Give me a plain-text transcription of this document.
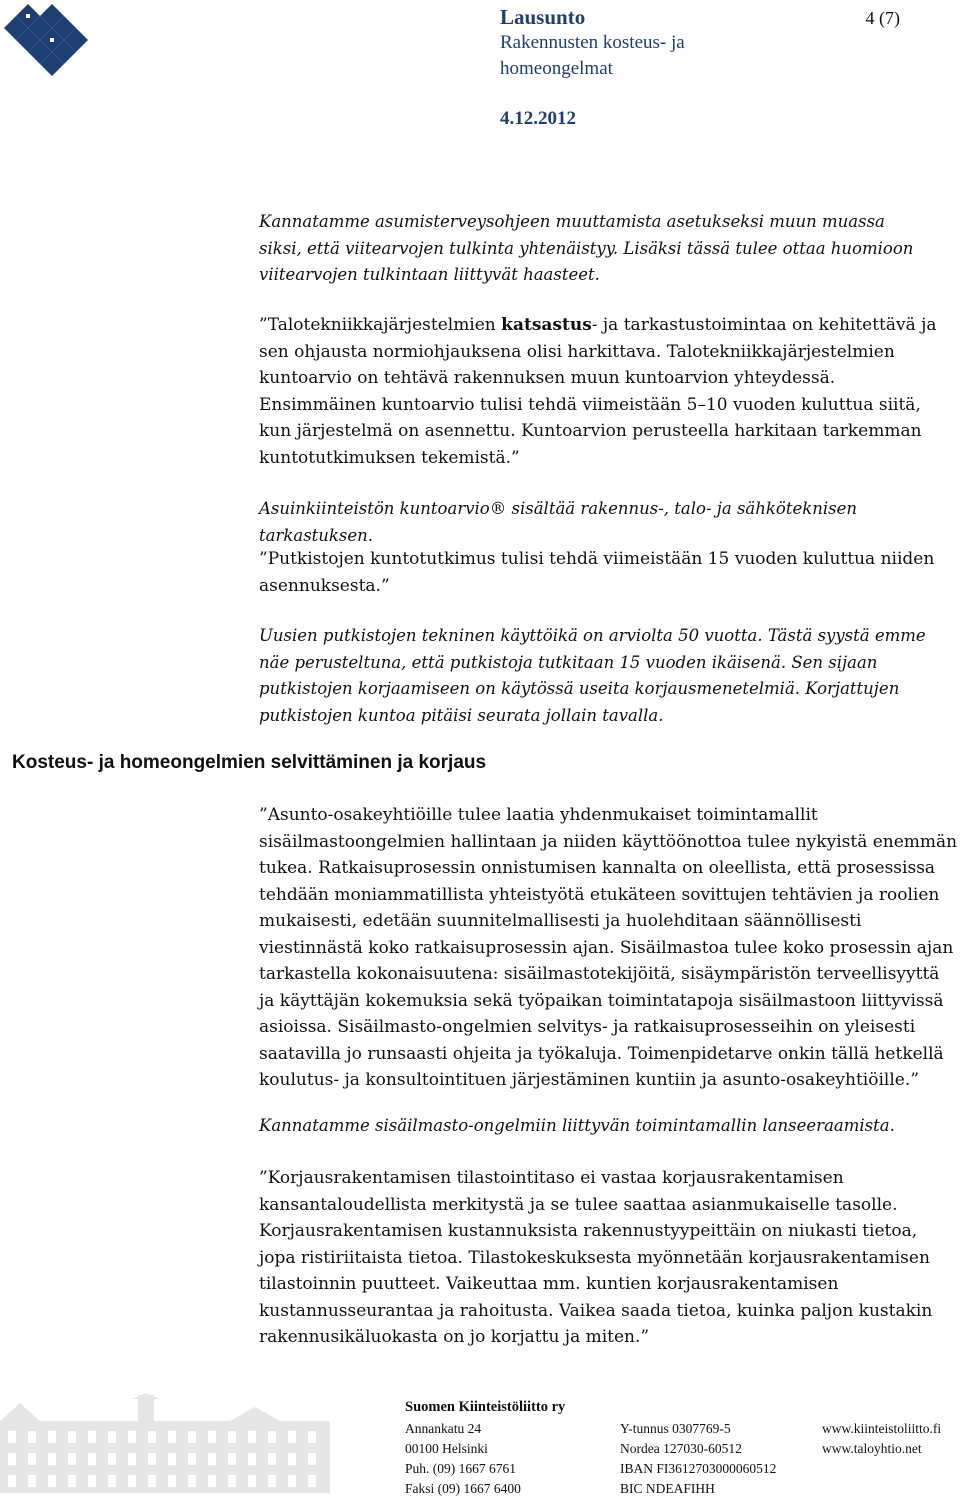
Lausunto
Rakennusten kosteus- ja
homeongelmat
4.12.2012
4 (7)

Kannatamme asumisterveysohjeen muuttamista asetukseksi muun muassa siksi, että viitearvojen tulkinta yhtenäistyy. Lisäksi tässä tulee ottaa huomioon viitearvojen tulkintaan liittyvät haasteet.

”Talotekniikkajärjestelmien katsastus- ja tarkastustoimintaa on kehitettävä ja sen ohjausta normiohjauksena olisi harkittava. Talotekniikkajärjestelmien kuntoarvio on tehtävä rakennuksen muun kuntoarvion yhteydessä. Ensimmäinen kuntoarvio tulisi tehdä viimeistään 5–10 vuoden kuluttua siitä, kun järjestelmä on asennettu. Kuntoarvion perusteella harkitaan tarkemman kuntotutkimuksen tekemistä.”

Asuinkiinteistön kuntoarvio® sisältää rakennus-, talo- ja sähköteknisen tarkastuksen.

”Putkistojen kuntotutkimus tulisi tehdä viimeistään 15 vuoden kuluttua niiden asennuksesta.”

Uusien putkistojen tekninen käyttöikä on arviolta 50 vuotta. Tästä syystä emme näe perusteltuna, että putkistoja tutkitaan 15 vuoden ikäisenä. Sen sijaan putkistojen korjaamiseen on käytössä useita korjausmenetelmiä. Korjattujen putkistojen kuntoa pitäisi seurata jollain tavalla.

Kosteus- ja homeongelmien selvittäminen ja korjaus

”Asunto-osakeyhtiöille tulee laatia yhdenmukaiset toimintamallit sisäilmastoongelmien hallintaan ja niiden käyttöönottoa tulee nykyistä enemmän tukea. Ratkaisuprosessin onnistumisen kannalta on oleellista, että prosessissa tehdään moniammatillista yhteistyötä etukäteen sovittujen tehtävien ja roolien mukaisesti, edetään suunnitelmallisesti ja huolehditaan säännöllisesti viestinnästä koko ratkaisuprosessin ajan. Sisäilmastoa tulee koko prosessin ajan tarkastella kokonaisuutena: sisäilmastotekijöitä, sisäympäristön terveellisyyttä ja käyttäjän kokemuksia sekä työpaikan toimintatapoja sisäilmastoon liittyvissä asioissa. Sisäilmasto-ongelmien selvitys- ja ratkaisuprosesseihin on yleisesti saatavilla jo runsaasti ohjeita ja työkaluja. Toimenpidetarve onkin tällä hetkellä koulutus- ja konsultointituen järjestäminen kuntiin ja asunto-osakeyhtiöille.”

Kannatamme sisäilmasto-ongelmiin liittyvän toimintamallin lanseeraamista.

”Korjausrakentamisen tilastointitaso ei vastaa korjausrakentamisen kansantaloudellista merkitystä ja se tulee saattaa asianmukaiselle tasolle. Korjausrakentamisen kustannuksista rakennustyypeittäin on niukasti tietoa, jopa ristiriitaista tietoa. Tilastokeskuksesta myönnetään korjausrakentamisen tilastoinnin puutteet. Vaikeuttaa mm. kuntien korjausrakentamisen kustannusseurantaa ja rahoitusta. Vaikea saada tietoa, kuinka paljon kustakin rakennusikäluokasta on jo korjattu ja miten.”

Suomen Kiinteistöliitto ry
Annankatu 24
00100 Helsinki
Puh. (09) 1667 6761
Faksi (09) 1667 6400
Y-tunnus 0307769-5
Nordea 127030-60512
IBAN FI3612703000060512
BIC NDEAFIHH
www.kiinteistoliitto.fi
www.taloyhtio.net
